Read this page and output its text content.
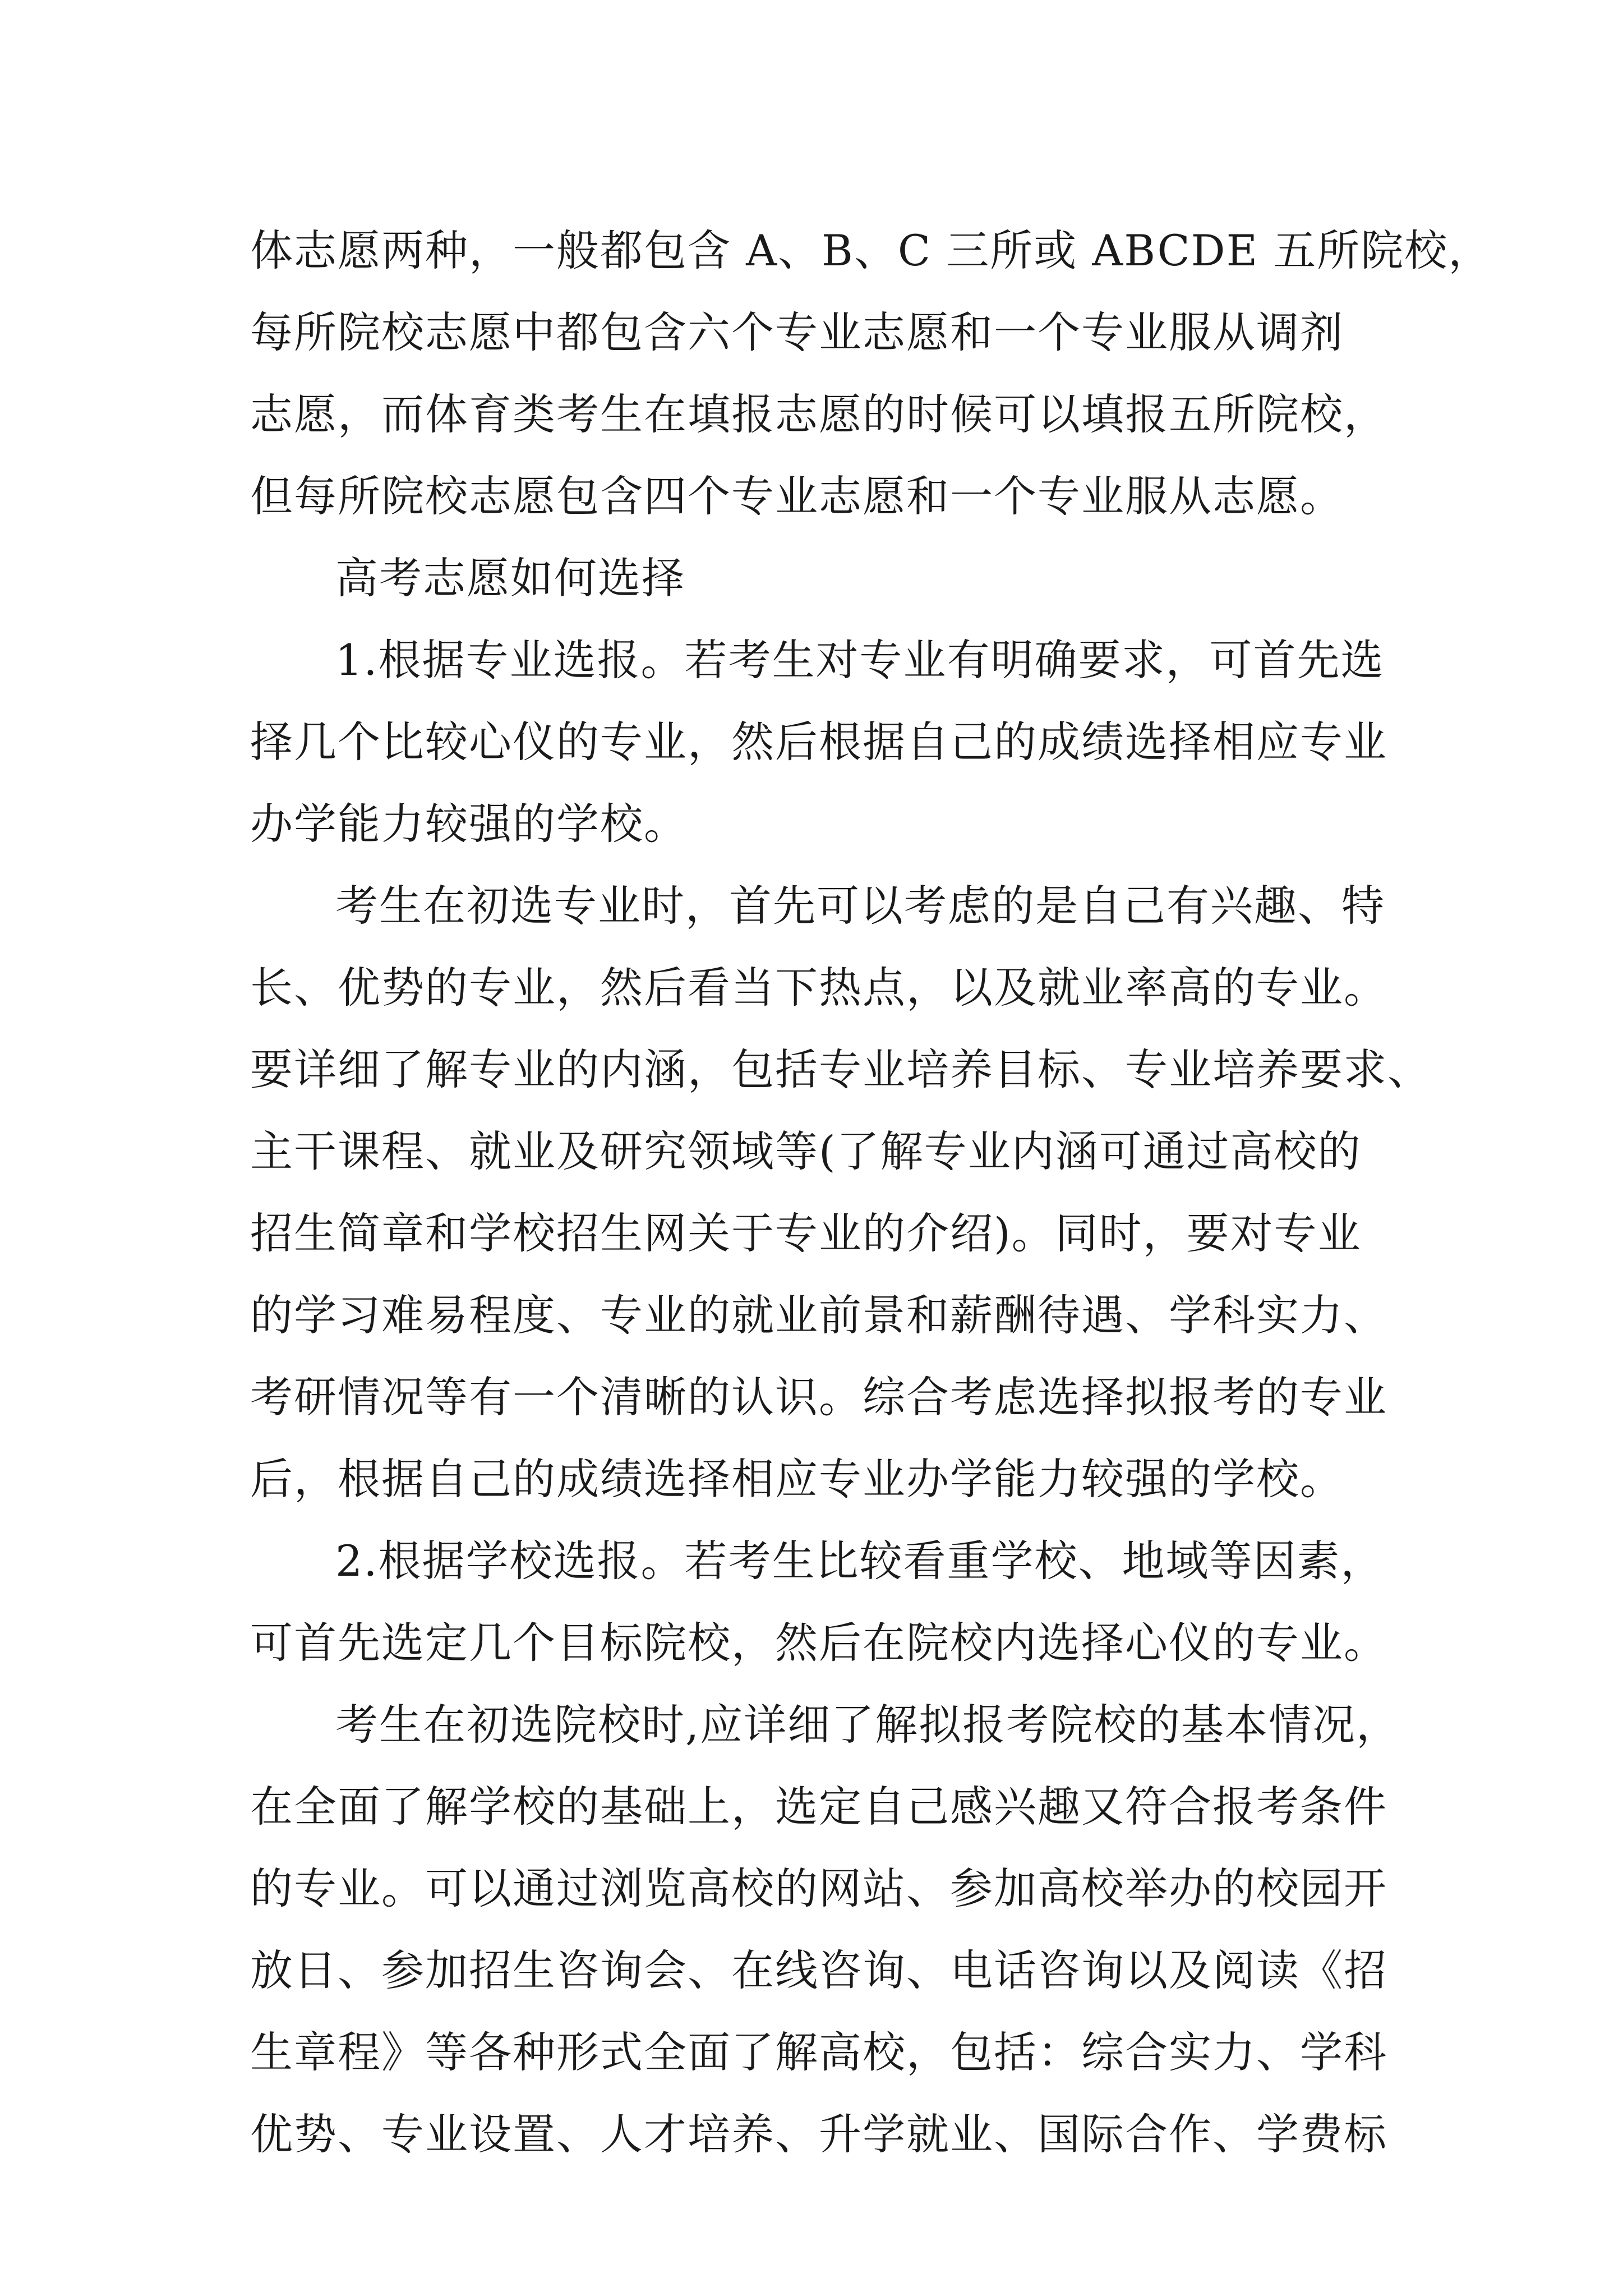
体志愿两种，一般都包含 A、B、C 三所或 ABCDE 五所院校，
每所院校志愿中都包含六个专业志愿和一个专业服从调剂
志愿，而体育类考生在填报志愿的时候可以填报五所院校，
但每所院校志愿包含四个专业志愿和一个专业服从志愿。
高考志愿如何选择
1.根据专业选报。若考生对专业有明确要求，可首先选
择几个比较心仪的专业，然后根据自己的成绩选择相应专业
办学能力较强的学校。
考生在初选专业时，首先可以考虑的是自己有兴趣、特
长、优势的专业，然后看当下热点，以及就业率高的专业。
要详细了解专业的内涵，包括专业培养目标、专业培养要求、
主干课程、就业及研究领域等(了解专业内涵可通过高校的
招生简章和学校招生网关于专业的介绍)。同时，要对专业
的学习难易程度、专业的就业前景和薪酬待遇、学科实力、
考研情况等有一个清晰的认识。综合考虑选择拟报考的专业
后，根据自己的成绩选择相应专业办学能力较强的学校。
2.根据学校选报。若考生比较看重学校、地域等因素，
可首先选定几个目标院校，然后在院校内选择心仪的专业。
考生在初选院校时,应详细了解拟报考院校的基本情况，
在全面了解学校的基础上，选定自己感兴趣又符合报考条件
的专业。可以通过浏览高校的网站、参加高校举办的校园开
放日、参加招生咨询会、在线咨询、电话咨询以及阅读《招
生章程》等各种形式全面了解高校，包括：综合实力、学科
优势、专业设置、人才培养、升学就业、国际合作、学费标
